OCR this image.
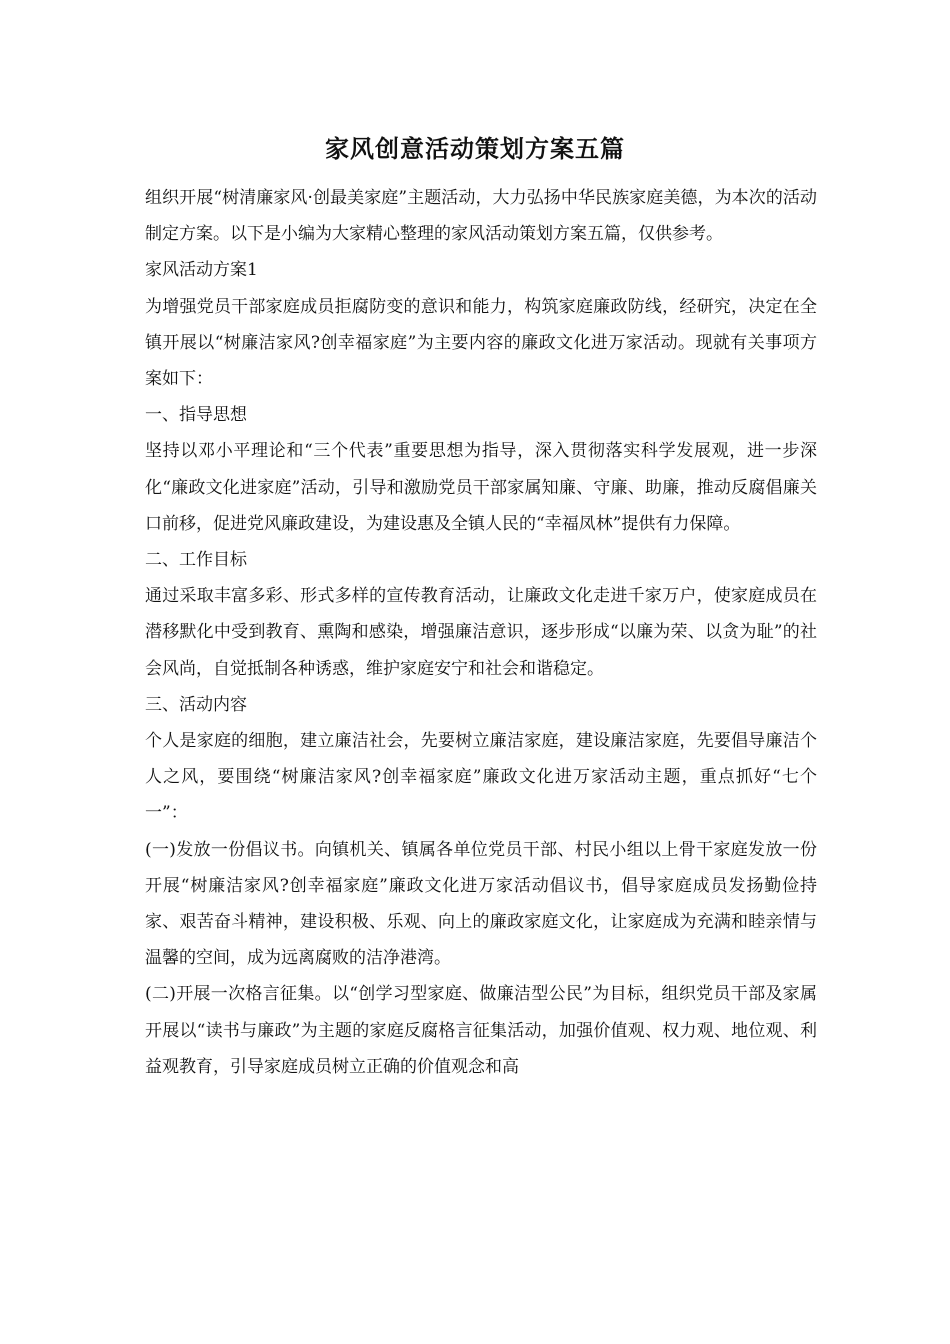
家风创意活动策划方案五篇

组织开展“树清廉家风·创最美家庭”主题活动，大力弘扬中华民族家庭美德，为本次的活动制定方案。以下是小编为大家精心整理的家风活动策划方案五篇，仅供参考。

家风活动方案1

为增强党员干部家庭成员拒腐防变的意识和能力，构筑家庭廉政防线，经研究，决定在全镇开展以“树廉洁家风?创幸福家庭”为主要内容的廉政文化进万家活动。现就有关事项方案如下：

一、指导思想

坚持以邓小平理论和“三个代表”重要思想为指导，深入贯彻落实科学发展观，进一步深化“廉政文化进家庭”活动，引导和激励党员干部家属知廉、守廉、助廉，推动反腐倡廉关口前移，促进党风廉政建设，为建设惠及全镇人民的“幸福凤林”提供有力保障。

二、工作目标

通过采取丰富多彩、形式多样的宣传教育活动，让廉政文化走进千家万户，使家庭成员在潜移默化中受到教育、熏陶和感染，增强廉洁意识，逐步形成“以廉为荣、以贪为耻”的社会风尚，自觉抵制各种诱惑，维护家庭安宁和社会和谐稳定。

三、活动内容

个人是家庭的细胞，建立廉洁社会，先要树立廉洁家庭，建设廉洁家庭，先要倡导廉洁个人之风，要围绕“树廉洁家风?创幸福家庭”廉政文化进万家活动主题，重点抓好“七个一”：

(一)发放一份倡议书。向镇机关、镇属各单位党员干部、村民小组以上骨干家庭发放一份开展“树廉洁家风?创幸福家庭”廉政文化进万家活动倡议书，倡导家庭成员发扬勤俭持家、艰苦奋斗精神，建设积极、乐观、向上的廉政家庭文化，让家庭成为充满和睦亲情与温馨的空间，成为远离腐败的洁净港湾。

(二)开展一次格言征集。以“创学习型家庭、做廉洁型公民”为目标，组织党员干部及家属开展以“读书与廉政”为主题的家庭反腐格言征集活动，加强价值观、权力观、地位观、利益观教育，引导家庭成员树立正确的价值观念和高
